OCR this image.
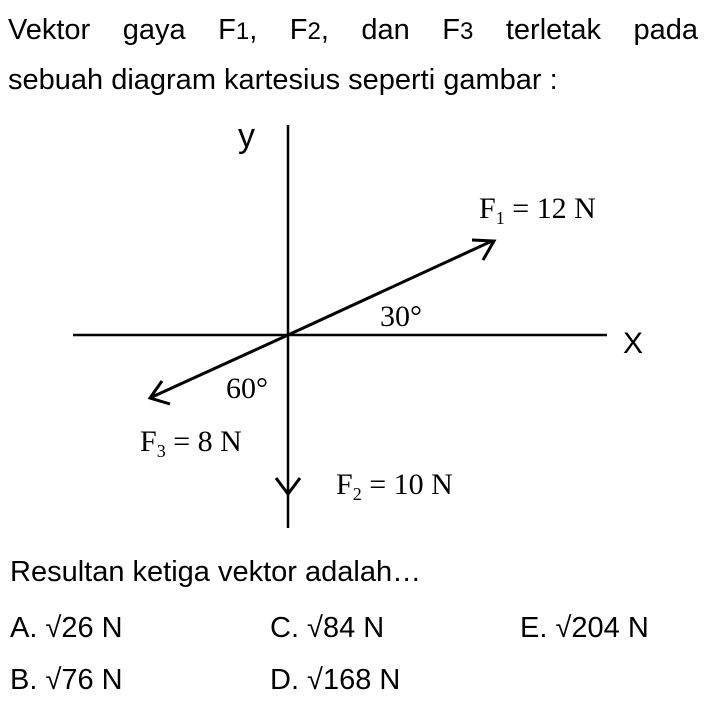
Vektor gaya F1, F2, dan F3 terletak pada
sebuah diagram kartesius seperti gambar :

y
X
$F_1 = 12$ N
$F_2 = 10$ N
$F_3 = 8$ N
30°
60°

Resultan ketiga vektor adalah…

A. √26 N
B. √76 N
C. √84 N
D. √168 N
E. √204 N
